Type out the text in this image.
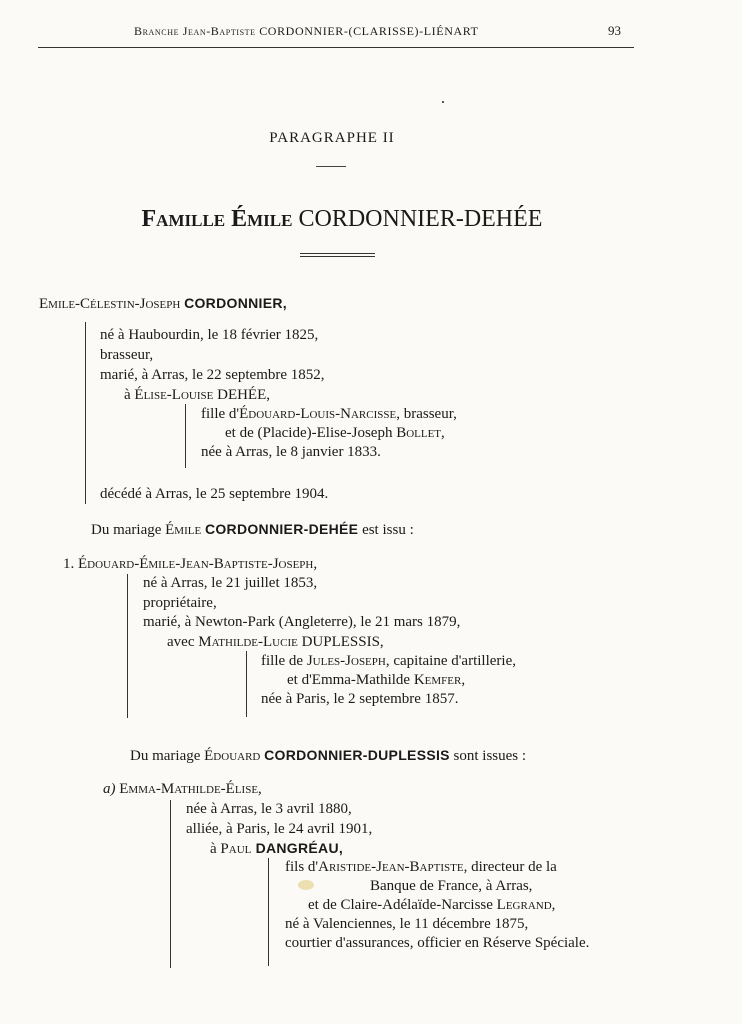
Branche Jean-Baptiste CORDONNIER-(CLARISSE)-LIÉNART	93
PARAGRAPHE II
Famille Émile CORDONNIER-DEHÉE
Emile-Célestin-Joseph CORDONNIER,
né à Haubourdin, le 18 février 1825,
brasseur,
marié, à Arras, le 22 septembre 1852,
à Élise-Louise DEHÉE,
fille d'Édouard-Louis-Narcisse, brasseur,
et de (Placide)-Elise-Joseph Bollet,
née à Arras, le 8 janvier 1833.
décédé à Arras, le 25 septembre 1904.
Du mariage Émile CORDONNIER-DEHÉE est issu :
1. Édouard-Émile-Jean-Baptiste-Joseph,
né à Arras, le 21 juillet 1853,
propriétaire,
marié, à Newton-Park (Angleterre), le 21 mars 1879,
avec Mathilde-Lucie DUPLESSIS,
fille de Jules-Joseph, capitaine d'artillerie,
et d'Emma-Mathilde Kemfer,
née à Paris, le 2 septembre 1857.
Du mariage Édouard CORDONNIER-DUPLESSIS sont issues :
a) Emma-Mathilde-Élise,
née à Arras, le 3 avril 1880,
alliée, à Paris, le 24 avril 1901,
à Paul DANGRÉAU,
fils d'Aristide-Jean-Baptiste, directeur de la
Banque de France, à Arras,
et de Claire-Adélaïde-Narcisse Legrand,
né à Valenciennes, le 11 décembre 1875,
courtier d'assurances, officier en Réserve Spéciale.
